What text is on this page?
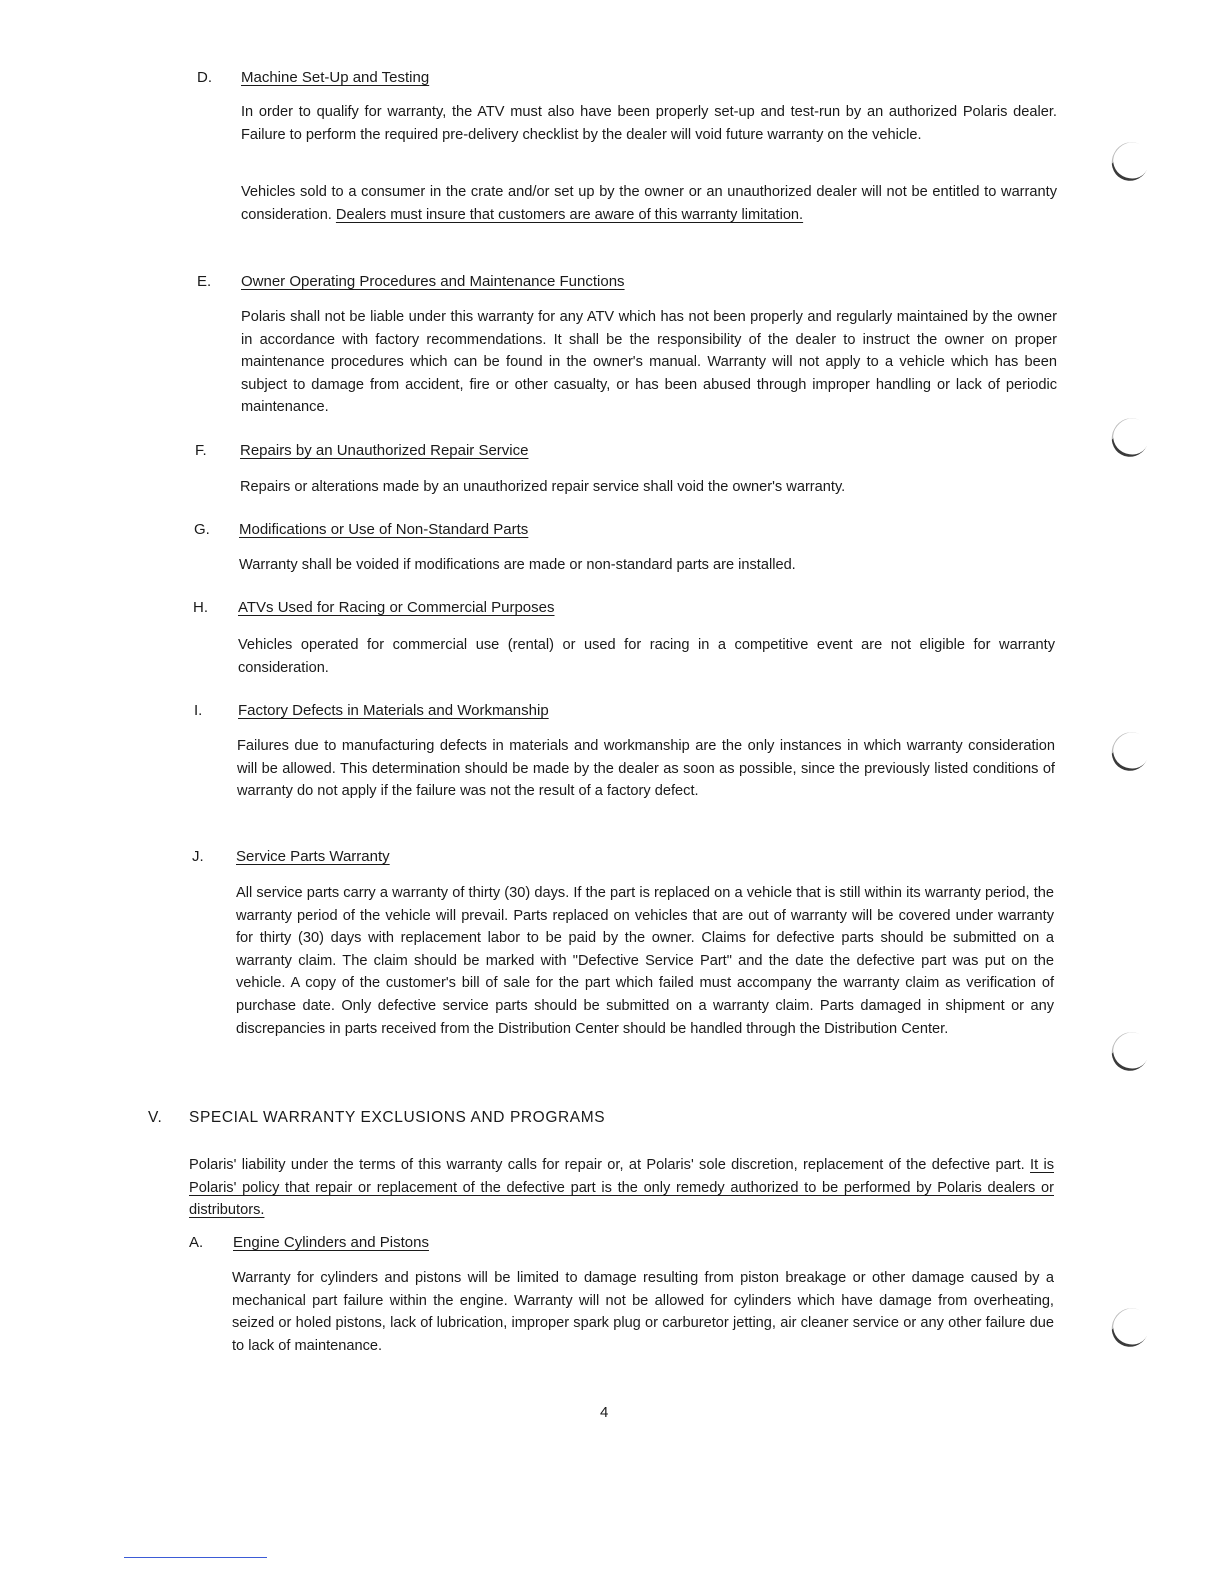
D. Machine Set-Up and Testing

In order to qualify for warranty, the ATV must also have been properly set-up and test-run by an authorized Polaris dealer. Failure to perform the required pre-delivery checklist by the dealer will void future warranty on the vehicle.

Vehicles sold to a consumer in the crate and/or set up by the owner or an unauthorized dealer will not be entitled to warranty consideration. Dealers must insure that customers are aware of this warranty limitation.

E. Owner Operating Procedures and Maintenance Functions

Polaris shall not be liable under this warranty for any ATV which has not been properly and regularly maintained by the owner in accordance with factory recommendations. It shall be the responsibility of the dealer to instruct the owner on proper maintenance procedures which can be found in the owner's manual. Warranty will not apply to a vehicle which has been subject to damage from accident, fire or other casualty, or has been abused through improper handling or lack of periodic maintenance.

F. Repairs by an Unauthorized Repair Service

Repairs or alterations made by an unauthorized repair service shall void the owner's warranty.

G. Modifications or Use of Non-Standard Parts

Warranty shall be voided if modifications are made or non-standard parts are installed.

H. ATVs Used for Racing or Commercial Purposes

Vehicles operated for commercial use (rental) or used for racing in a competitive event are not eligible for warranty consideration.

I. Factory Defects in Materials and Workmanship

Failures due to manufacturing defects in materials and workmanship are the only instances in which warranty consideration will be allowed. This determination should be made by the dealer as soon as possible, since the previously listed conditions of warranty do not apply if the failure was not the result of a factory defect.

J. Service Parts Warranty

All service parts carry a warranty of thirty (30) days. If the part is replaced on a vehicle that is still within its warranty period, the warranty period of the vehicle will prevail. Parts replaced on vehicles that are out of warranty will be covered under warranty for thirty (30) days with replacement labor to be paid by the owner. Claims for defective parts should be submitted on a warranty claim. The claim should be marked with "Defective Service Part" and the date the defective part was put on the vehicle. A copy of the customer's bill of sale for the part which failed must accompany the warranty claim as verification of purchase date. Only defective service parts should be submitted on a warranty claim. Parts damaged in shipment or any discrepancies in parts received from the Distribution Center should be handled through the Distribution Center.

V. SPECIAL WARRANTY EXCLUSIONS AND PROGRAMS

Polaris' liability under the terms of this warranty calls for repair or, at Polaris' sole discretion, replacement of the defective part. It is Polaris' policy that repair or replacement of the defective part is the only remedy authorized to be performed by Polaris dealers or distributors.

A. Engine Cylinders and Pistons

Warranty for cylinders and pistons will be limited to damage resulting from piston breakage or other damage caused by a mechanical part failure within the engine. Warranty will not be allowed for cylinders which have damage from overheating, seized or holed pistons, lack of lubrication, improper spark plug or carburetor jetting, air cleaner service or any other failure due to lack of maintenance.

4
